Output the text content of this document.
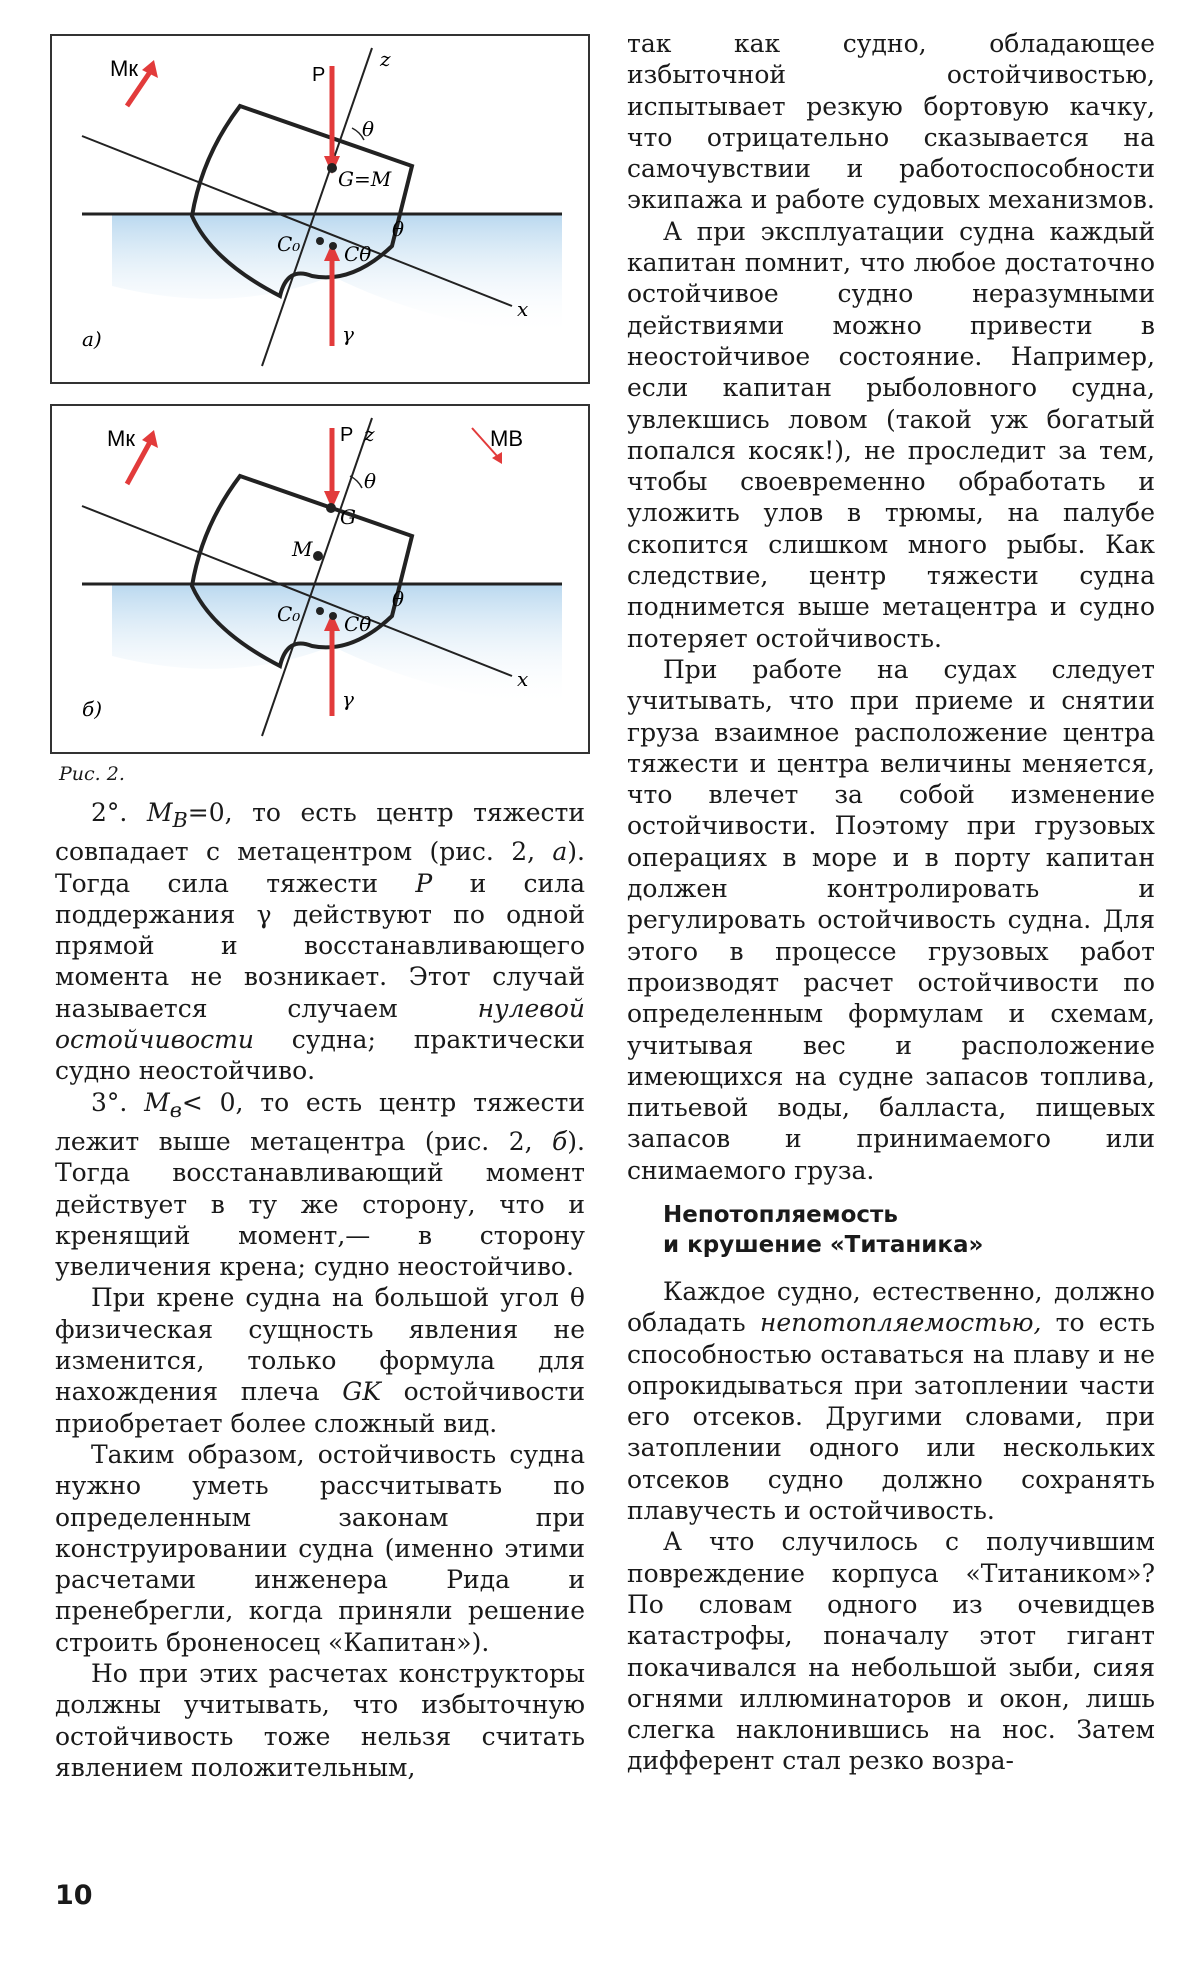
Mк	P
z
θ
G=M
θ
C₀ Cθ
x
γ
a)
Mк	MB
P z
θ
G
M
θ
C₀ Cθ
x
γ
б)
Рис. 2.

2°. $M_B=0$, то есть центр тяжести совпадает с метацентром (рис. 2, a). Тогда сила тяжести P и сила поддержания γ действуют по одной прямой и восстанавливающего момента не возникает. Этот случай называется случаем нулевой остойчивости судна; практически судно неостойчиво.

3°. $M_в< 0$, то есть центр тяжести лежит выше метацентра (рис. 2, б). Тогда восстанавливающий момент действует в ту же сторону, что и кренящий момент,— в сторону увеличения крена; судно неостойчиво.

При крене судна на большой угол θ физическая сущность явления не изменится, только формула для нахождения плеча GK остойчивости приобретает более сложный вид.

Таким образом, остойчивость судна нужно уметь рассчитывать по определенным законам при конструировании судна (именно этими расчетами инженера Рида и пренебрегли, когда приняли решение строить броненосец «Капитан»).

Но при этих расчетах конструкторы должны учитывать, что избыточную остойчивость тоже нельзя считать явлением положительным,

так как судно, обладающее избыточной остойчивостью, испытывает резкую бортовую качку, что отрицательно сказывается на самочувствии и работоспособности экипажа и работе судовых механизмов.

А при эксплуатации судна каждый капитан помнит, что любое достаточно остойчивое судно неразумными действиями можно привести в неостойчивое состояние. Например, если капитан рыболовного судна, увлекшись ловом (такой уж богатый попался косяк!), не проследит за тем, чтобы своевременно обработать и уложить улов в трюмы, на палубе скопится слишком много рыбы. Как следствие, центр тяжести судна поднимется выше метацентра и судно потеряет остойчивость.

При работе на судах следует учитывать, что при приеме и снятии груза взаимное расположение центра тяжести и центра величины меняется, что влечет за собой изменение остойчивости. Поэтому при грузовых операциях в море и в порту капитан должен контролировать и регулировать остойчивость судна. Для этого в процессе грузовых работ производят расчет остойчивости по определенным формулам и схемам, учитывая вес и расположение имеющихся на судне запасов топлива, питьевой воды, балласта, пищевых запасов и принимаемого или снимаемого груза.

Непотопляемость
и крушение «Титаника»

Каждое судно, естественно, должно обладать непотопляемостью, то есть способностью оставаться на плаву и не опрокидываться при затоплении части его отсеков. Другими словами, при затоплении одного или нескольких отсеков судно должно сохранять плавучесть и остойчивость.

А что случилось с получившим повреждение корпуса «Титаником»? По словам одного из очевидцев катастрофы, поначалу этот гигант покачивался на небольшой зыби, сияя огнями иллюминаторов и окон, лишь слегка наклонившись на нос. Затем дифферент стал резко возра-

10
